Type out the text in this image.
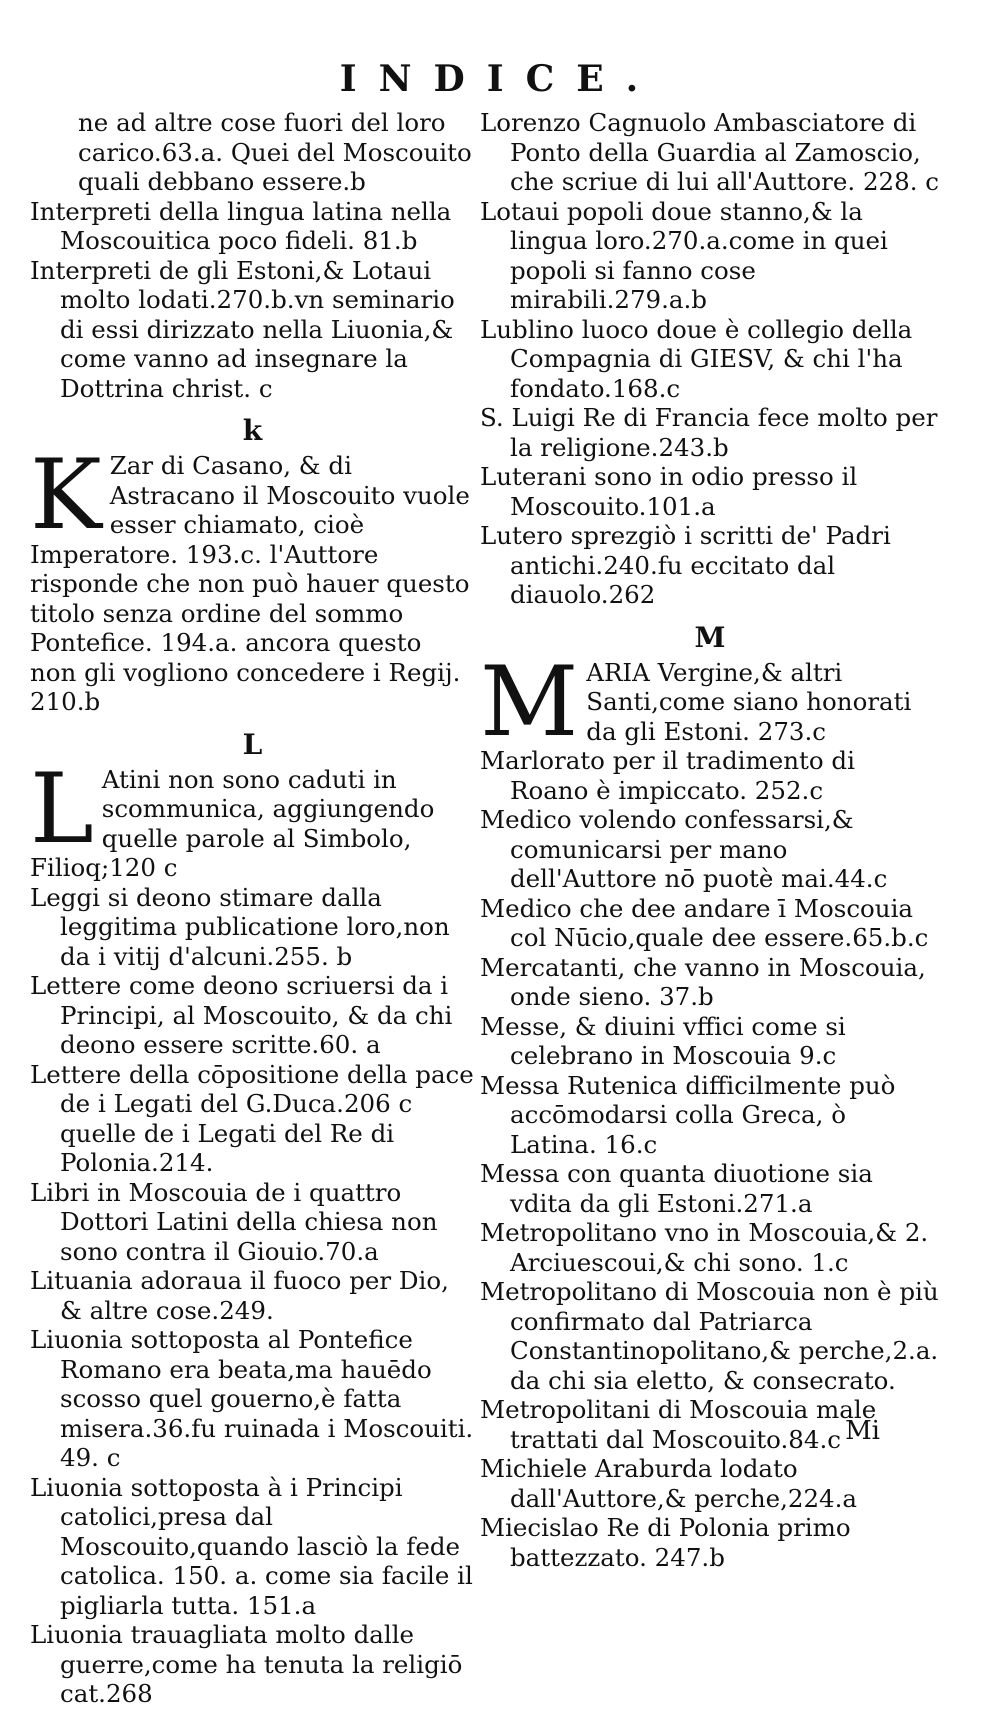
INDICE.

ne ad altre cose fuori del loro carico.63.a. Quei del Moscouito quali debbano essere.b

Interpreti della lingua latina nella Moscouitica poco fideli. 81.b

Interpreti de gli Estoni,& Lotaui molto lodati.270.b.vn seminario di essi dirizzato nella Liuonia,& come vanno ad insegnare la Dottrina christ. c

k
K Zar di Casano, & di Astracano il Moscouito vuole esser chiamato, cioè Imperatore. 193.c. l'Auttore risponde che non può hauer questo titolo senza ordine del sommo Pontefice. 194.a. ancora questo non gli vogliono concedere i Regij. 210.b
L
L Atini non sono caduti in scommunica, aggiungendo quelle parole al Simbolo, Filioq;120 c

Leggi si deono stimare dalla leggitima publicatione loro,non da i vitij d'alcuni.255. b

Lettere come deono scriuersi da i Principi, al Moscouito, & da chi deono essere scritte.60. a

Lettere della cōpositione della pace de i Legati del G.Duca.206 c quelle de i Legati del Re di Polonia.214.

Libri in Moscouia de i quattro Dottori Latini della chiesa non sono contra il Giouio.70.a

Lituania adoraua il fuoco per Dio, & altre cose.249.

Liuonia sottoposta al Pontefice Romano era beata,ma hauēdo scosso quel gouerno,è fatta misera.36.fu ruinada i Moscouiti. 49. c

Liuonia sottoposta à i Principi catolici,presa dal Moscouito,quando lasciò la fede catolica. 150. a. come sia facile il pigliarla tutta. 151.a

Liuonia trauagliata molto dalle guerre,come ha tenuta la religiō cat.268

Lorenzo Cagnuolo Ambasciatore di Ponto della Guardia al Zamoscio, che scriue di lui all'Auttore. 228. c

Lotaui popoli doue stanno,& la lingua loro.270.a.come in quei popoli si fanno cose mirabili.279.a.b

Lublino luoco doue è collegio della Compagnia di GIESV, & chi l'ha fondato.168.c

S. Luigi Re di Francia fece molto per la religione.243.b

Luterani sono in odio presso il Moscouito.101.a

Lutero sprezgiò i scritti de' Padri antichi.240.fu eccitato dal diauolo.262

M
M ARIA Vergine,& altri Santi,come siano honorati da gli Estoni. 273.c

Marlorato per il tradimento di Roano è impiccato. 252.c

Medico volendo confessarsi,& comunicarsi per mano dell'Auttore nō puotè mai.44.c

Medico che dee andare ī Moscouia col Nūcio,quale dee essere.65.b.c

Mercatanti, che vanno in Moscouia, onde sieno. 37.b

Messe, & diuini vffici come si celebrano in Moscouia 9.c

Messa Rutenica difficilmente può accōmodarsi colla Greca, ò Latina. 16.c

Messa con quanta diuotione sia vdita da gli Estoni.271.a

Metropolitano vno in Moscouia,& 2. Arciuescoui,& chi sono. 1.c

Metropolitano di Moscouia non è più confirmato dal Patriarca Constantinopolitano,& perche,2.a. da chi sia eletto, & consecrato.

Metropolitani di Moscouia male trattati dal Moscouito.84.c

Michiele Araburda lodato dall'Auttore,& perche,224.a

Miecislao Re di Polonia primo battezzato. 247.b

Mi
